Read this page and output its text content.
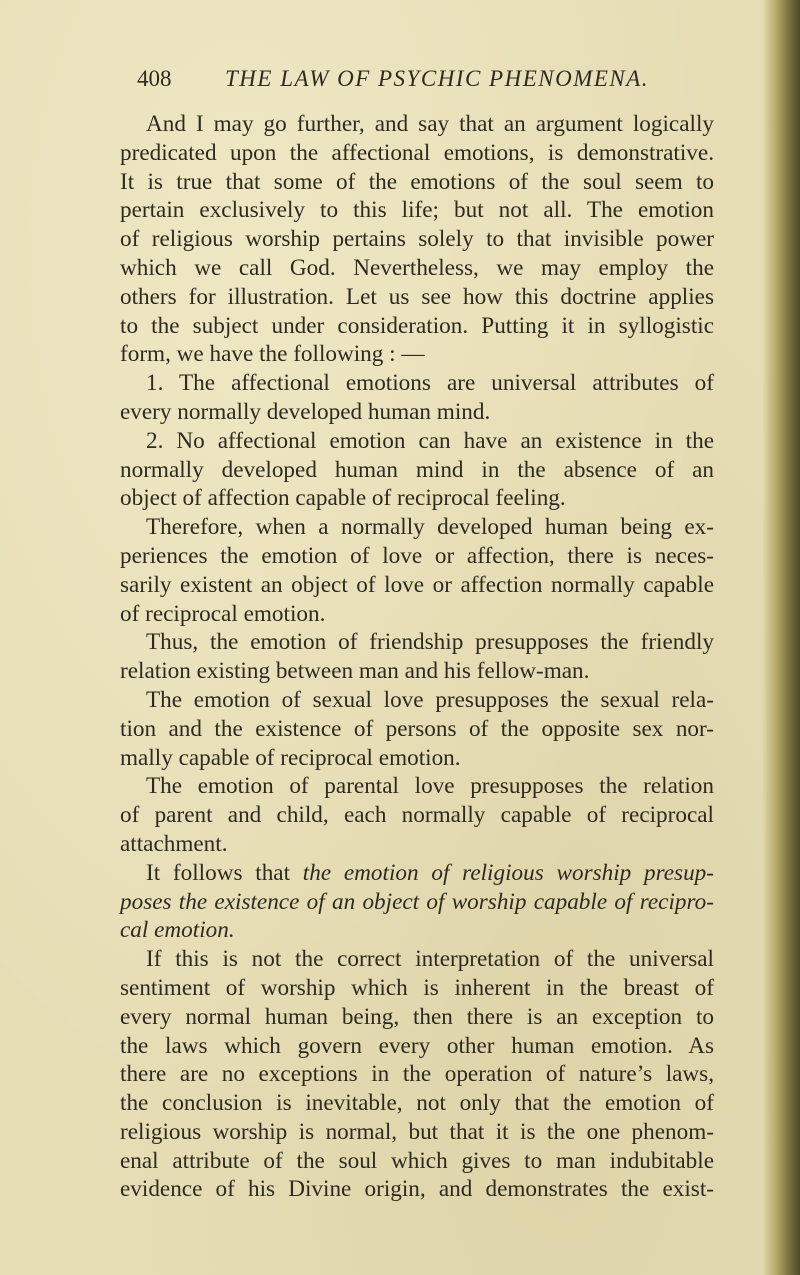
408 THE LAW OF PSYCHIC PHENOMENA.
And I may go further, and say that an argument logically
predicated upon the affectional emotions, is demonstrative.
It is true that some of the emotions of the soul seem to
pertain exclusively to this life; but not all. The emotion
of religious worship pertains solely to that invisible power
which we call God. Nevertheless, we may employ the
others for illustration. Let us see how this doctrine applies
to the subject under consideration. Putting it in syllogistic
form, we have the following : —
1. The affectional emotions are universal attributes of
every normally developed human mind.
2. No affectional emotion can have an existence in the
normally developed human mind in the absence of an
object of affection capable of reciprocal feeling.
Therefore, when a normally developed human being ex-
periences the emotion of love or affection, there is neces-
sarily existent an object of love or affection normally capable
of reciprocal emotion.
Thus, the emotion of friendship presupposes the friendly
relation existing between man and his fellow-man.
The emotion of sexual love presupposes the sexual rela-
tion and the existence of persons of the opposite sex nor-
mally capable of reciprocal emotion.
The emotion of parental love presupposes the relation
of parent and child, each normally capable of reciprocal
attachment.
It follows that the emotion of religious worship presup-
poses the existence of an object of worship capable of recipro-
cal emotion.
If this is not the correct interpretation of the universal
sentiment of worship which is inherent in the breast of
every normal human being, then there is an exception to
the laws which govern every other human emotion. As
there are no exceptions in the operation of nature’s laws,
the conclusion is inevitable, not only that the emotion of
religious worship is normal, but that it is the one phenom-
enal attribute of the soul which gives to man indubitable
evidence of his Divine origin, and demonstrates the exist-
